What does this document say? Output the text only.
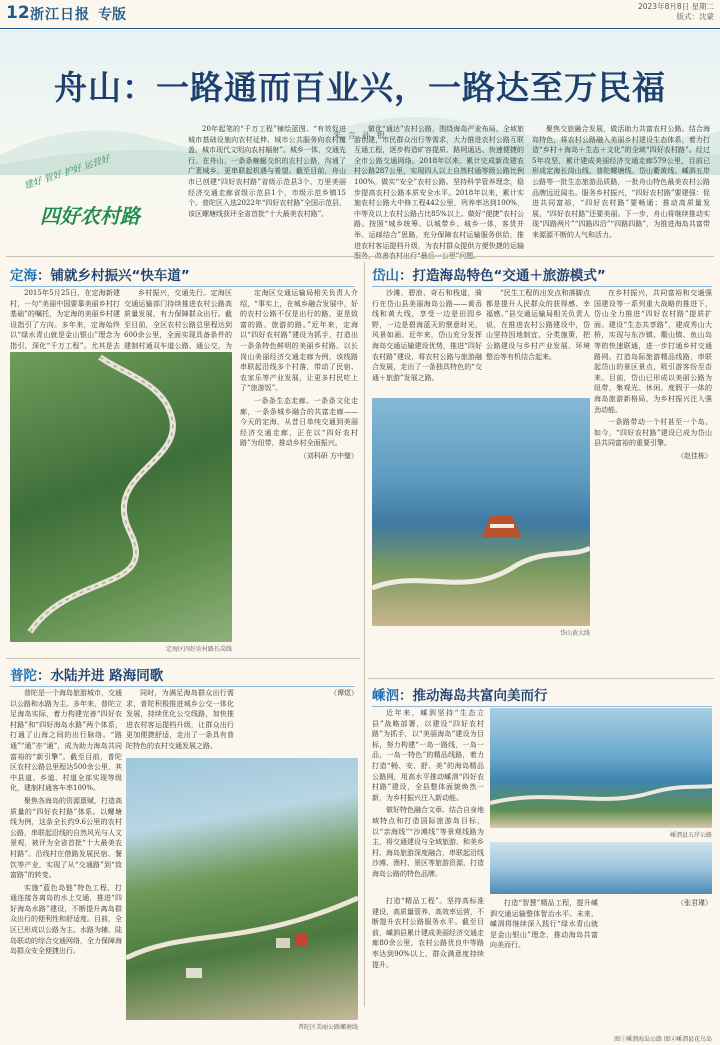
12 浙江日报 专版
2023年8月8日 星期二
版式：沈蒙
舟山：一路通而百业兴，一路达至万民福
朱 言 孙 银
建好 管好 护好 运营好
四好农村路

20年起笔的“千万工程”铺绘蓝图。“有效促进城市基础设施向农村延伸、城市公共服务向农村覆盖、城市现代文明向农村辐射”。城乡一体，交通先行。在舟山，一条条蜿蜒交织的农村公路，沟通了广袤城乡，更串联起机遇与希望。截至目前，舟山市已创建“四好农村路”省级示范县3个、万里美丽经济交通走廊省级示范县1个，市级示范乡镇15个。普陀区入选2022年“四好农村路”全国示范县，该区螺塘线获评全省首批“十大最美农村路”。

做优“通达”农村公路，围绕海岛产业布局，全域旅游创建，市民群众出行等需求，大力推进农村公路互联互通工程，逐步构造旷容提质、路网通达、快速便捷的全市公路交通网络。2018年以来，累计完成新改建农村公路287公里，实现四人以上自然村通等级公路比例100%。做实“安全”农村公路。坚持科学管养理念，稳步提高农村公路本质安全水平。2018年以来，累计实施农村公路大中修工程442公里，列养率达到100%，中等及以上农村公路占比85%以上。做好“便捷”农村公路。按照“城乡统筹、以城带乡、城乡一体，客货并举、运邮结合”思路，充分保障农村运输服务供给，推进农村客运提档升级，为农村群众提供方便快捷的运输

聚焦交旅融合发展，做活助力共富农村公路。结合海岛特色，将农村公路融入美丽乡村建设生态体系，着力打造“乡村＋海岛＋生态＋文化”的全域“四好农村路”。经过5年攻坚，累计建成美丽经济交通走廊579公里，目前已形成定海长岗山线、普陀螺塘线、岱山衢黄线、嵊泗五岸公路等一批生态旅游品质路，一批舟山特色最美农村公路品牌远近闻名。服务乡村振兴，“四好农村路”要建强：促进共同富裕，“四好农村路”要畅通；推动高质量发展，“四好农村路”还要美丽。下一步，舟山将继续推动实现“四路两片”“四路四沿”“四路四路”，为推进海岛共富带来源源不断的人气和活力。

定海：铺就乡村振兴“快车道”

2015年5月25日，在定海新建村，一句“美丽中国要靠美丽乡村打基础”的嘱托，为定海的美丽乡村建设指引了方向。多年来，定海始终以“绿水青山就是金山银山”理念为指引，深化“千万工程”。尤其是去

乡村振兴，交通先行。定海区交通运输部门持续推进农村公路高质量发展，有力保障群众出行。截至目前，全区农村公路总里程达到600余公里，全面实现具备条件的建制村通双车道公路、通公交，为

定海区四好农村路长岗线

定海区交通运输局相关负责人介绍，“事实上，在城乡融合发展中，好的农村公路不仅是出行的路，更是致富的路、旅游的路。”近年来，定海以“四好农村路”建设为抓手，打造出一条条特色鲜明的美丽乡村路。以长岗山美丽经济交通走廊为例，该线路串联起沿线多个村落，带动了民宿、农家乐等产业发展，让更多村民吃上了“旅游饭”。

一条条生态走廊、一条条文化走廊，一条条城乡融合的共富走廊——今天的定海，从昔日单纯交通到美丽经济交通走廊，正在以“四好农村路”为纽带，推动乡村全面振兴。

（刘科研 方中璧）

普陀：水陆并进 路海同歌

普陀是一个海岛旅游城市，交通以公路和水路为主。多年来，普陀立足海岛实际，着力构建完善“四好农村路”和“四好海岛水路”两个体系，打通了山海之间的出行脉络。“路通”“通”亦“通”，成为助力海岛共同富裕的“新引擎”。截至目前，普陀区农村公路总里程达500余公里，其中县道、乡道、村道全部实现等级化，建制村通客车率100%。

聚焦各海岛的资源禀赋，打造高质量的“四好农村路”体系。以螺塘线为例，这条全长约9.6公里的农村公路，串联起沿线的自然风光与人文景观，被评为全省首批“十大最美农村路”。沿线村庄借路发展民宿、餐饮等产业，实现了从“交通路”到“致富路”的转变。

实施“蓝色岛链”特色工程，打通连接各离岛的水上交通，推进“四好海岛水路”建设，不断提升离岛群众出行的便利性和舒适度。目前，全区已形成以公路为主、水路为辅、陆岛联动的综合交通网络，全力保障海岛群众安全便捷出行。

同时，为满足海岛群众出行需求，普陀积极推进城乡公交一体化发展，持续优化公交线路，加快推进农村客运提档升级，让群众出行更加便捷舒适，走出了一条具有普陀特色的农村交通发展之路。

（谭煜）

普陀区美丽公路螺塘线
岱山：打造海岛特色“交通＋旅游模式”

沙滩、碧浪、奇石和栈道，骑行在岱山县美丽海岛公路——黄岙线和黄大线，享受一边是田园乡野，一边是碧海蓝天的惬意时光，风景如画。近年来，岱山充分发挥海岛交通运输建设优势，推进“四好农村路”建设，将农村公路与旅游融合发展，走出了一条独具特色的“交通＋旅游”发展之路。

“民生工程的出发点和落脚点都是提升人民群众的获得感、幸福感。”县交通运输局相关负责人说，在推进农村公路建设中，岱山坚持因地制宜、分类施策，把公路建设与乡村产业发展、环境整治等有机结合起来。

岱山黄大线

在乡村振兴，共同富裕和交通强国建设等一系列重大战略的推进下，岱山全力推进“四好农村路”提质扩面。建设“生态共享路”，建成秀山大桥，实现与东沙镇、衢山镇、鱼山岛等的快速联通，进一步打通乡村交通路网。打造岛际旅游精品线路，串联起岱山的景区景点，吸引游客纷至沓来。目前，岱山已形成以美丽公路为纽带，集观光、休闲、度假于一体的海岛旅游新格局，为乡村振兴注入强劲动能。

一条路带动一个村甚至一个岛。如今，“四好农村路”建设已成为岱山县共同富裕的重要引擎。

（赵佳栋）

嵊泗：推动海岛共富向美而行

近年来，嵊泗坚持“生态立县”战略部署，以建设“四好农村路”为抓手，以“美丽海岛”建设为目标，努力构建“一岛一路线，一岛一品，一岛一特色”的精品线路，着力打造“畅、安、舒、美”的海岛精品公路网，用高水平推动嵊泗“四好农村路”建设，全县整体面貌焕然一新，为乡村振兴注入新动能。

做好特色融合文章。结合自身地域特点和打造国际旅游岛目标，以“亲海线”“沙滩线”等景观线路为主，将交通建设与全域旅游、和美乡村、海岛旅游深度融合，串联起沿线沙滩、渔村、景区等旅游资源，打造海岛公路的特色品牌。

嵊泗县五岸公路

打造“精品工程”。坚持高标准建设、高质量管养、高效率运营，不断提升农村公路服务水平。截至目前，嵊泗县累计建成美丽经济交通走廊80余公里，农村公路优良中等路率达到90%以上，群众满意度持续提升。

打造“智慧”精品工程，提升嵊泗交通运输整体智治水平。未来，嵊泗将继续深入践行“绿水青山就是金山银山”理念，推动海岛共富向美而行。

（张君瑾）

图①嵊泗海岛公路 图②嵊泗县花鸟岛
